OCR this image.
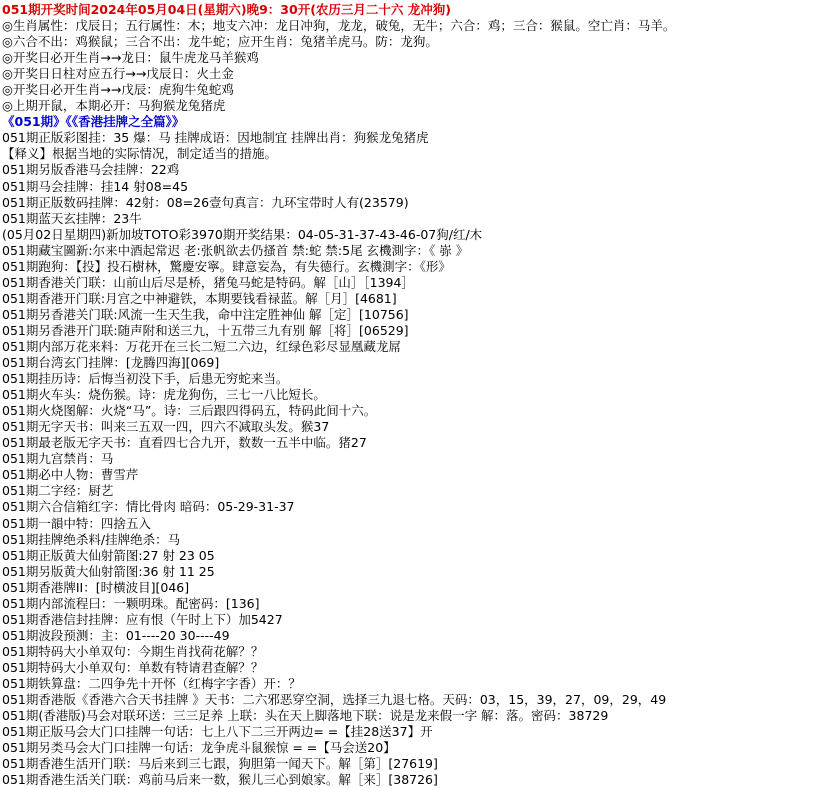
051期开奖时间2024年05月04日(星期六)晚9：30开(农历三月二十六 龙冲狗)
◎生肖属性：戊辰日；五行属性：木；地支六冲：龙日冲狗，龙龙，破兔，无牛；六合：鸡；三合：猴鼠。空亡肖：马羊。
◎六合不出：鸡猴鼠；三合不出：龙牛蛇；应开生肖：兔猪羊虎马。防：龙狗。
◎开奖日必开生肖→→龙日：鼠牛虎龙马羊猴鸡
◎开奖日日柱对应五行→→戊辰日：火土金
◎开奖日必开生肖→→戊辰：虎狗牛兔蛇鸡
◎上期开鼠，本期必开：马狗猴龙兔猪虎
《051期》《《香港挂牌之全篇》》
051期正版彩图挂：35 爆：马 挂牌成语：因地制宜 挂牌出肖：狗猴龙兔猪虎
【释义】根据当地的实际情况，制定适当的措施。
051期另版香港马会挂牌：22鸡
051期马会挂牌：挂14 射08=45
051期正版数码挂牌：42射：08=26壹句真言：九环宝带时人有(23579)
051期蓝天玄挂牌：23牛
(05月02日星期四)新加坡TOTO彩3970期开奖结果：04-05-31-37-43-46-07狗/红/木
051期藏宝圖新:尔来中酒起常迟 老:张帆欲去仍搔首 禁:蛇 禁:5尾 玄機測字：《 㟜 》
051期跑狗：【投】投石樹林，驚慶安寧。肆意妄為，有失德行。玄機測字：《形》
051期香港关门联：山前山后尽是桥，猪兔马蛇是特码。解［山］［1394］
051期香港开门联:月宫之中神避铁，本期要钱看禄蓝。解［月］[4681]
051期另香港关门联:风流一生天生我，命中注定胜神仙 解［定］[10756]
051期另香港开门联:随声附和送三九，十五带三九有别 解［将］[06529]
051期内部万花来料：万花开在三长二短二六边，红绿色彩尽显凰藏龙屌
051期台湾玄门挂牌：[龙腾四海][069]
051期挂历诗：后悔当初没下手，后患无穷蛇来当。
051期火车头：烧伤猴。诗：虎龙狗伤，三七一八比短长。
051期火烧图解：火烧“马”。诗：三后跟四得码五，特码此间十六。
051期无字天书：叫来三五双一四，四六不减取头发。猴37
051期最老版无字天书：直看四七合九开，数数一五半中临。猪27
051期九宫禁肖：马
051期必中人物：曹雪芹
051期二字经：厨艺
051期六合信箱红字：情比骨肉 暗码：05-29-31-37
051期一韻中特：四捨五入
051期挂牌绝杀料/挂牌绝杀：马
051期正版黄大仙射箭图:27 射 23 05
051期另版黄大仙射箭图:36 射 11 25
051期香港牌ⅠⅠ：[时横波目][046]
051期内部流程曰：一颗明珠。配密码：[136]
051期香港信封挂牌：应有恨（午时上下）加5427
051期波段预测：主：01----20 30----49
051期特码大小单双句：今期生肖找荷花解？？
051期特码大小单双句：单数有特请君查解？？
051期铁算盘：二四争先十开怀（红梅字字香）开：？
051期香港版《香港六合天书挂牌 》天书：二六邪恶穿空洞，选择三九退七格。天码：03，15，39，27，09，29，49
051期(香港版)马会对联环送：三三足养 上联：头在天上脚落地下联：说是龙来假一字 解：落。密码：38729
051期正版马会大门口挂牌一句话：七上八下二三开两边= =【挂28送37】开
051期另类马会大门口挂牌一句话：龙争虎斗鼠猴惊 = =【马会送20】
051期香港生活开门联：马后来到三七跟，狗胆第一闻天下。解［第］[27619]
051期香港生活关门联：鸡前马后来一数，猴儿三心到娘家。解［来］[38726]
